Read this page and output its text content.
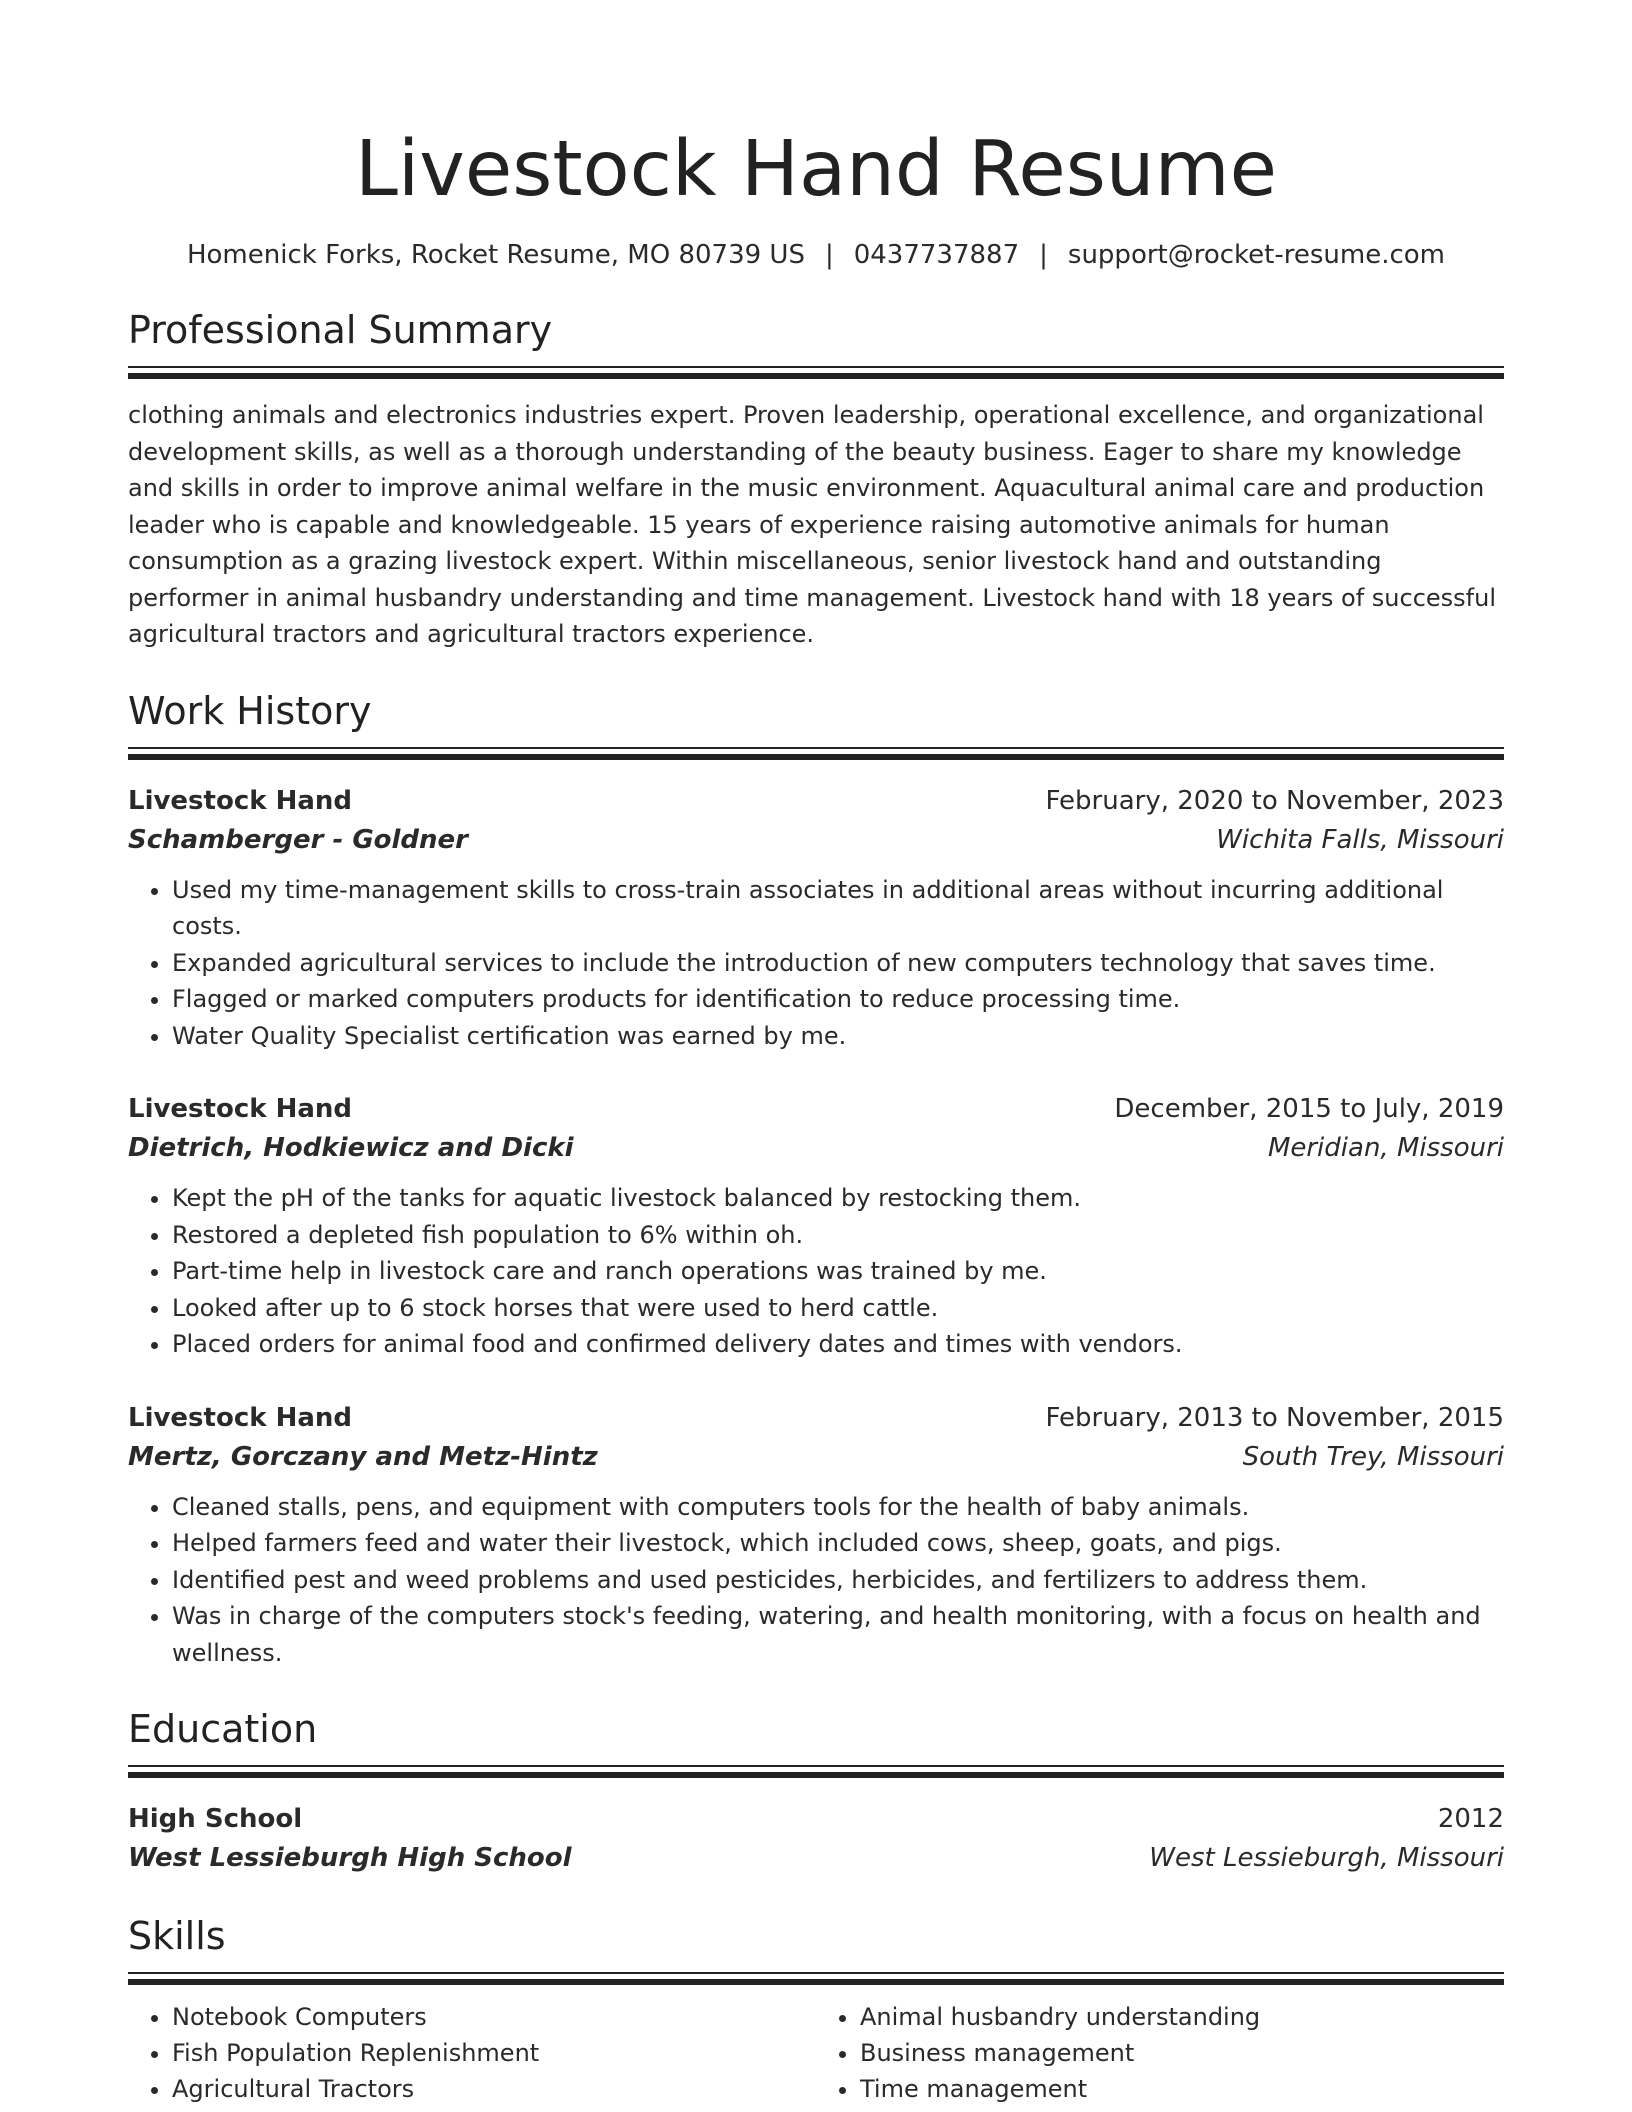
Livestock Hand Resume
Homenick Forks, Rocket Resume, MO 80739 US | 0437737887 | support@rocket-resume.com
Professional Summary
clothing animals and electronics industries expert. Proven leadership, operational excellence, and organizational development skills, as well as a thorough understanding of the beauty business. Eager to share my knowledge and skills in order to improve animal welfare in the music environment. Aquacultural animal care and production leader who is capable and knowledgeable. 15 years of experience raising automotive animals for human consumption as a grazing livestock expert. Within miscellaneous, senior livestock hand and outstanding performer in animal husbandry understanding and time management. Livestock hand with 18 years of successful agricultural tractors and agricultural tractors experience.
Work History
Livestock Hand	February, 2020 to November, 2023
Schamberger - Goldner	Wichita Falls, Missouri
• Used my time-management skills to cross-train associates in additional areas without incurring additional costs.
• Expanded agricultural services to include the introduction of new computers technology that saves time.
• Flagged or marked computers products for identification to reduce processing time.
• Water Quality Specialist certification was earned by me.
Livestock Hand	December, 2015 to July, 2019
Dietrich, Hodkiewicz and Dicki	Meridian, Missouri
• Kept the pH of the tanks for aquatic livestock balanced by restocking them.
• Restored a depleted fish population to 6% within oh.
• Part-time help in livestock care and ranch operations was trained by me.
• Looked after up to 6 stock horses that were used to herd cattle.
• Placed orders for animal food and confirmed delivery dates and times with vendors.
Livestock Hand	February, 2013 to November, 2015
Mertz, Gorczany and Metz-Hintz	South Trey, Missouri
• Cleaned stalls, pens, and equipment with computers tools for the health of baby animals.
• Helped farmers feed and water their livestock, which included cows, sheep, goats, and pigs.
• Identified pest and weed problems and used pesticides, herbicides, and fertilizers to address them.
• Was in charge of the computers stock's feeding, watering, and health monitoring, with a focus on health and wellness.
Education
High School	2012
West Lessieburgh High School	West Lessieburgh, Missouri
Skills
• Notebook Computers
• Fish Population Replenishment
• Agricultural Tractors
• Animal husbandry understanding
• Business management
• Time management
